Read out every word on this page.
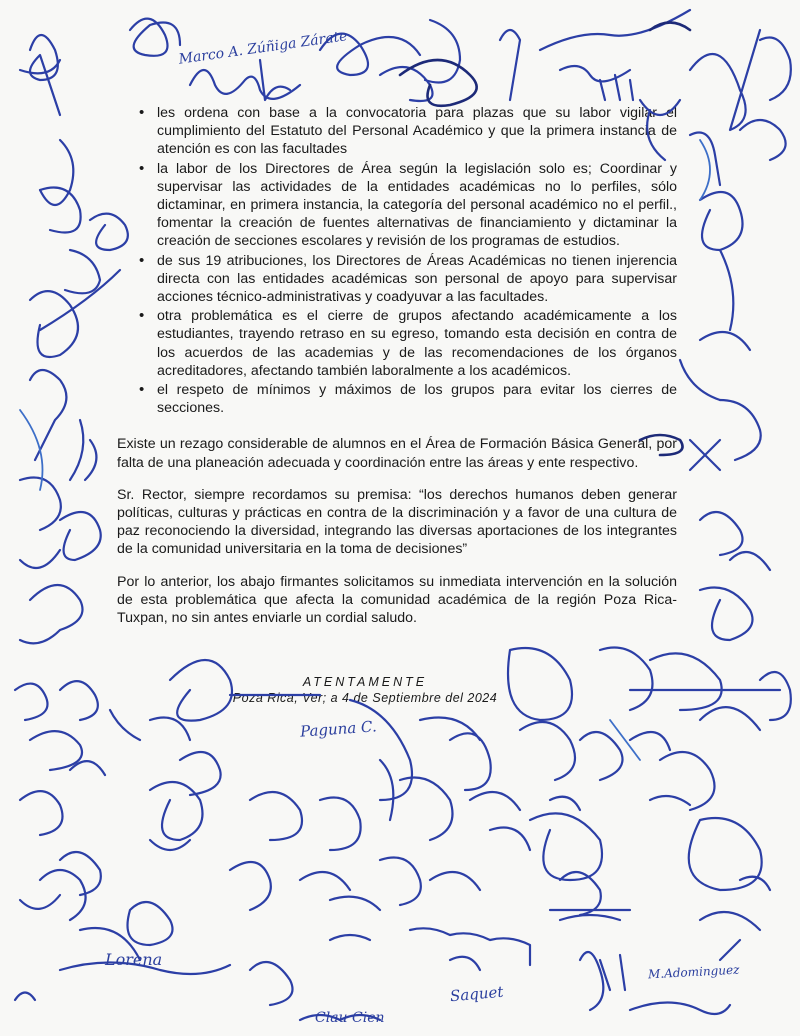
• les ordena con base a la convocatoria para plazas que su labor vigilar el cumplimiento del Estatuto del Personal Académico y que la primera instancia de atención es con las facultades
• la labor de los Directores de Área según la legislación solo es; Coordinar y supervisar las actividades de la entidades académicas no lo perfiles, sólo dictaminar, en primera instancia, la categoría del personal académico no el perfil., fomentar la creación de fuentes alternativas de financiamiento y dictaminar la creación de secciones escolares y revisión de los programas de estudios.
• de sus 19 atribuciones, los Directores de Áreas Académicas no tienen injerencia directa con las entidades académicas son personal de apoyo para supervisar acciones técnico-administrativas y coadyuvar a las facultades.
• otra problemática es el cierre de grupos afectando académicamente a los estudiantes, trayendo retraso en su egreso, tomando esta decisión en contra de los acuerdos de las academias y de las recomendaciones de los órganos acreditadores, afectando también laboralmente a los académicos.
• el respeto de mínimos y máximos de los grupos para evitar los cierres de secciones.

Existe un rezago considerable de alumnos en el Área de Formación Básica General, por falta de una planeación adecuada y coordinación entre las áreas y ente respectivo.

Sr. Rector, siempre recordamos su premisa: “los derechos humanos deben generar políticas, culturas y prácticas en contra de la discriminación y a favor de una cultura de paz reconociendo la diversidad, integrando las diversas aportaciones de los integrantes de la comunidad universitaria en la toma de decisiones”

Por lo anterior, los abajo firmantes solicitamos su inmediata intervención en la solución de esta problemática que afecta la comunidad académica de la región Poza Rica-Tuxpan, no sin antes enviarle un cordial saludo.

ATENTAMENTE
Poza Rica, Ver; a 4 de Septiembre del 2024
Marco A. Zúñiga Zárate
Paguna C.
M.Adominguez
Clau Cien
Saquet
Lorena
